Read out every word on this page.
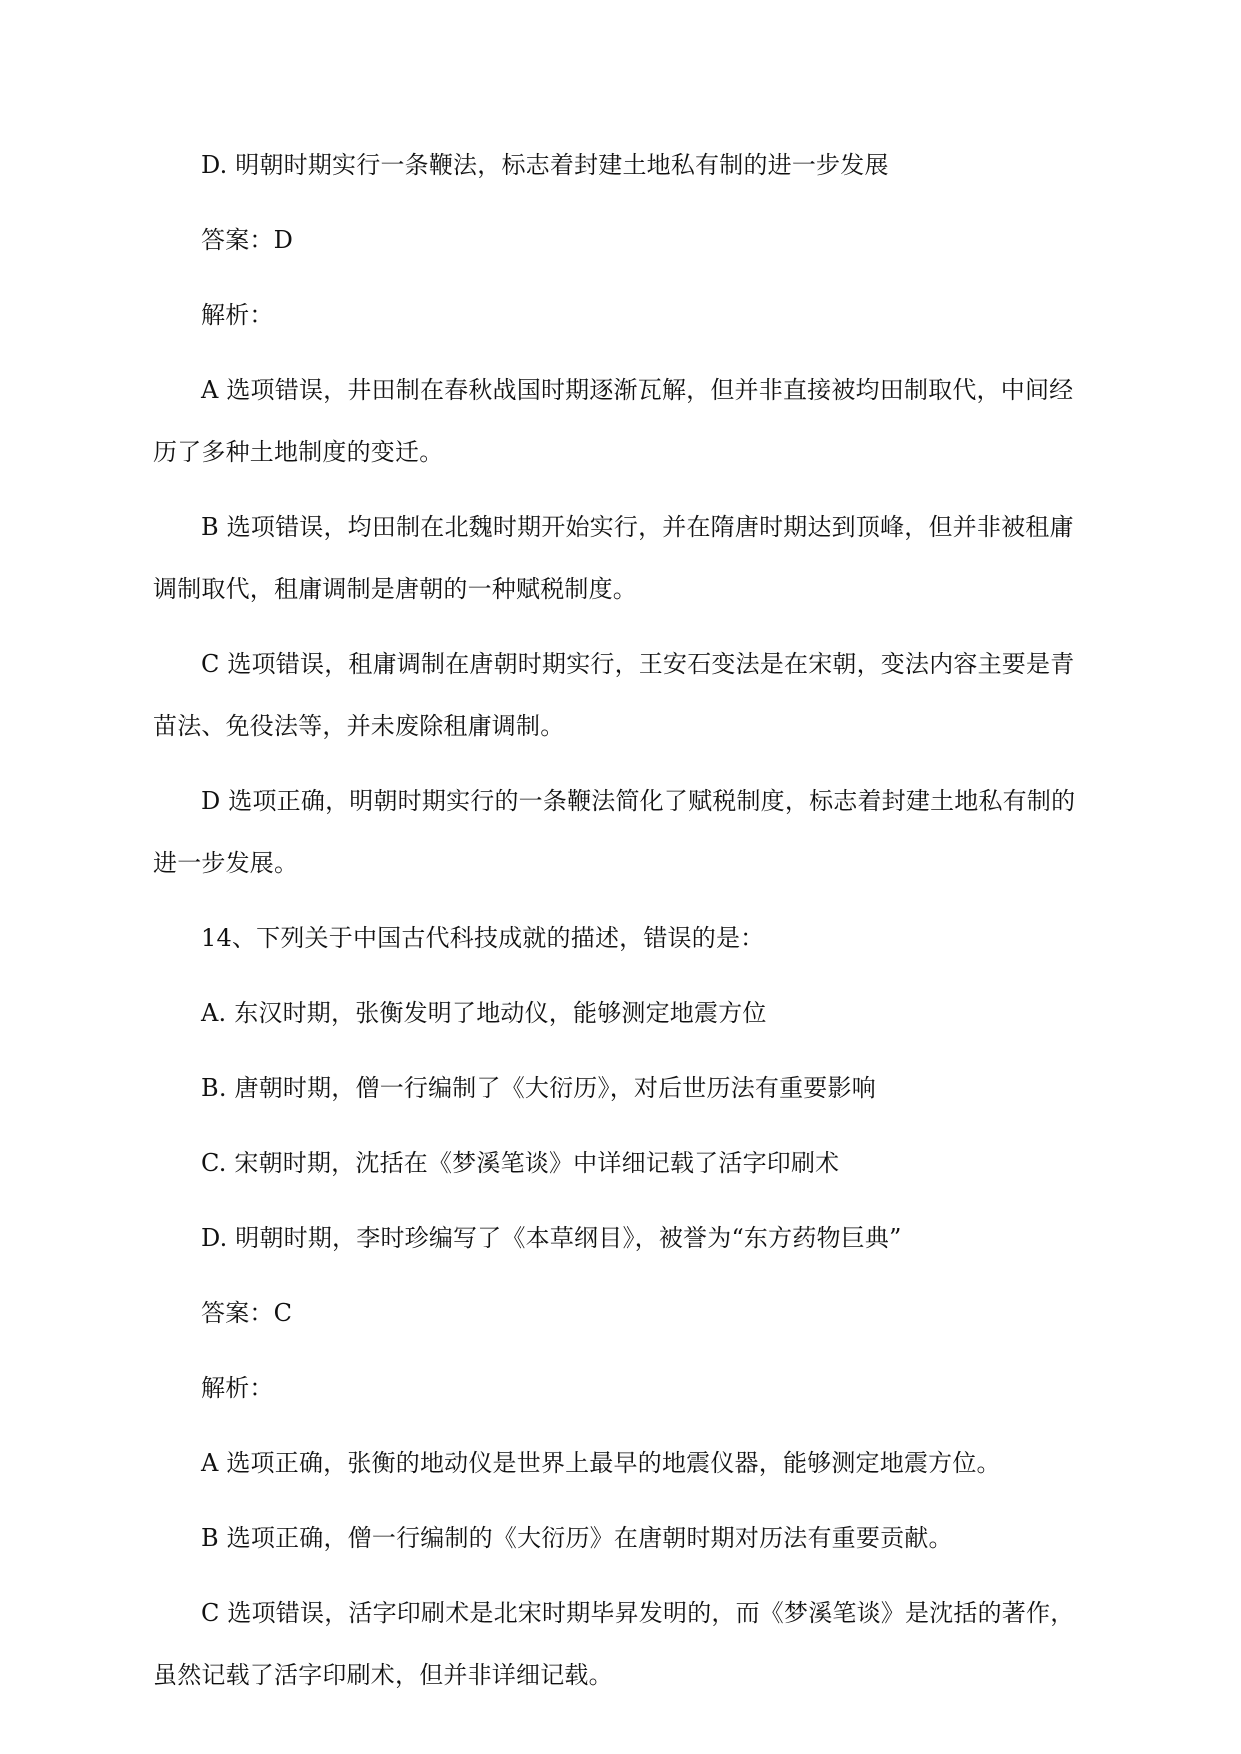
D. 明朝时期实行一条鞭法，标志着封建土地私有制的进一步发展

答案：D

解析：

A 选项错误，井田制在春秋战国时期逐渐瓦解，但并非直接被均田制取代，中间经

历了多种土地制度的变迁。

B 选项错误，均田制在北魏时期开始实行，并在隋唐时期达到顶峰，但并非被租庸

调制取代，租庸调制是唐朝的一种赋税制度。

C 选项错误，租庸调制在唐朝时期实行，王安石变法是在宋朝，变法内容主要是青

苗法、免役法等，并未废除租庸调制。

D 选项正确，明朝时期实行的一条鞭法简化了赋税制度，标志着封建土地私有制的

进一步发展。

14、下列关于中国古代科技成就的描述，错误的是：

A. 东汉时期，张衡发明了地动仪，能够测定地震方位

B. 唐朝时期，僧一行编制了《大衍历》，对后世历法有重要影响

C. 宋朝时期，沈括在《梦溪笔谈》中详细记载了活字印刷术

D. 明朝时期，李时珍编写了《本草纲目》，被誉为“东方药物巨典”

答案：C

解析：

A 选项正确，张衡的地动仪是世界上最早的地震仪器，能够测定地震方位。

B 选项正确，僧一行编制的《大衍历》在唐朝时期对历法有重要贡献。

C 选项错误，活字印刷术是北宋时期毕昇发明的，而《梦溪笔谈》是沈括的著作，

虽然记载了活字印刷术，但并非详细记载。
